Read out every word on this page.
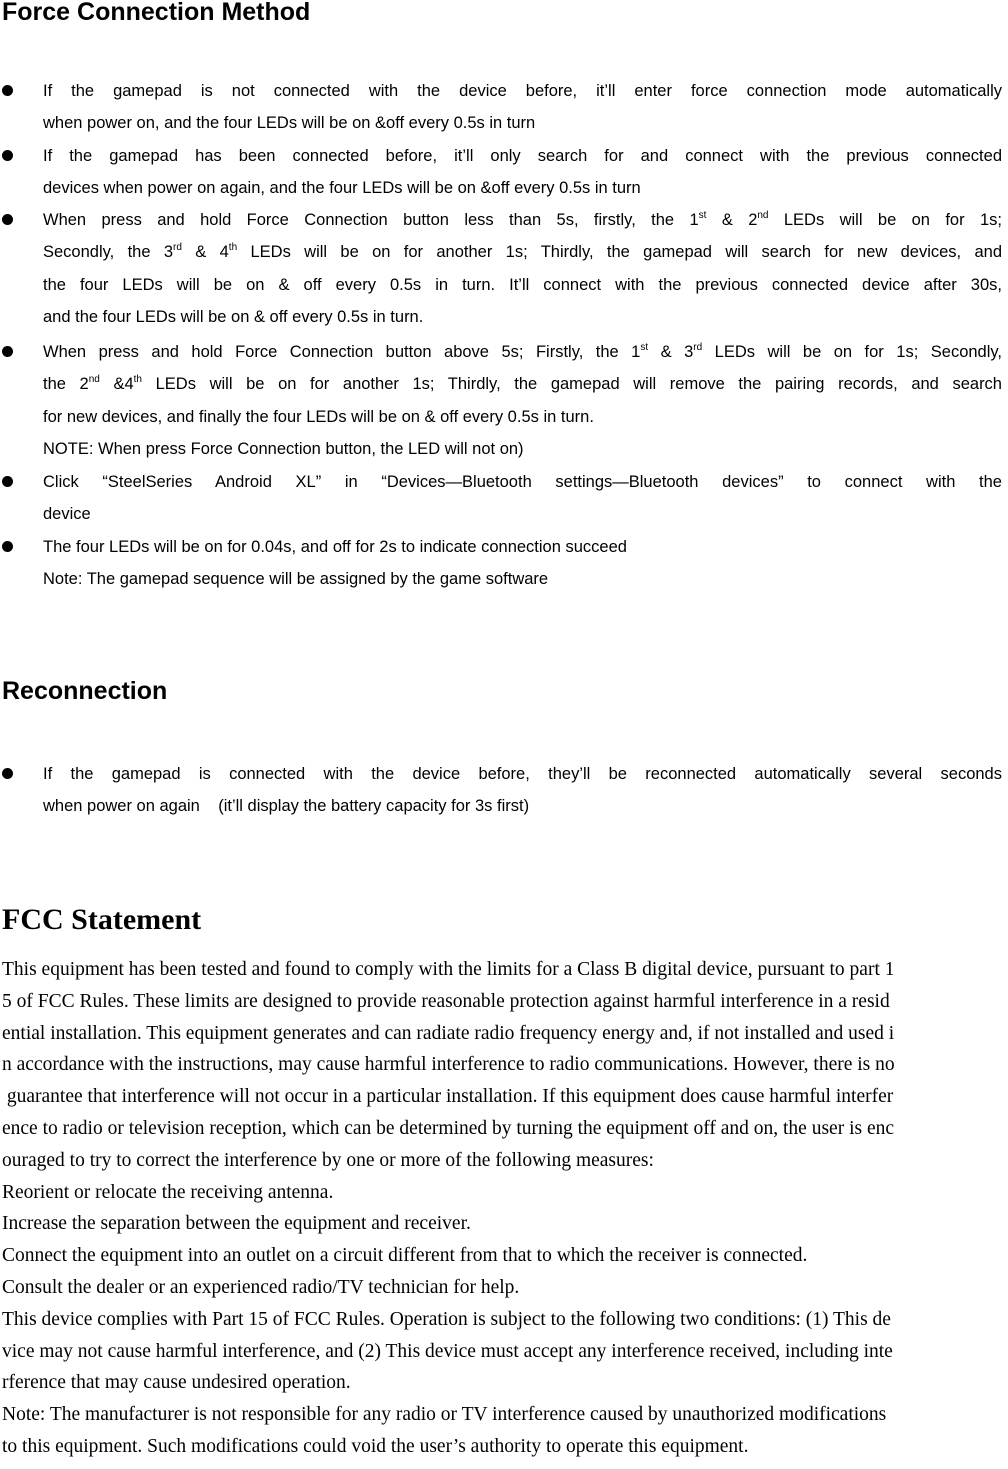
Force Connection Method
If the gamepad is not connected with the device before, it’ll enter force connection mode automatically
when power on, and the four LEDs will be on &off every 0.5s in turn
If the gamepad has been connected before, it’ll only search for and connect with the previous connected
devices when power on again, and the four LEDs will be on &off every 0.5s in turn
When press and hold Force Connection button less than 5s, firstly, the 1st & 2nd LEDs will be on for 1s;
Secondly, the 3rd & 4th LEDs will be on for another 1s; Thirdly, the gamepad will search for new devices, and
the four LEDs will be on & off every 0.5s in turn. It’ll connect with the previous connected device after 30s,
and the four LEDs will be on & off every 0.5s in turn.
When press and hold Force Connection button above 5s; Firstly, the 1st & 3rd LEDs will be on for 1s; Secondly,
the 2nd &4th LEDs will be on for another 1s; Thirdly, the gamepad will remove the pairing records, and search
for new devices, and finally the four LEDs will be on & off every 0.5s in turn.
NOTE: When press Force Connection button, the LED will not on)
Click “SteelSeries Android XL” in “Devices—Bluetooth settings—Bluetooth devices” to connect with the
device
The four LEDs will be on for 0.04s, and off for 2s to indicate connection succeed
Note: The gamepad sequence will be assigned by the game software
Reconnection
If the gamepad is connected with the device before, they’ll be reconnected automatically several seconds
when power on again    (it’ll display the battery capacity for 3s first)
FCC Statement
This equipment has been tested and found to comply with the limits for a Class B digital device, pursuant to part 1
5 of FCC Rules. These limits are designed to provide reasonable protection against harmful interference in a resid
ential installation. This equipment generates and can radiate radio frequency energy and, if not installed and used i
n accordance with the instructions, may cause harmful interference to radio communications. However, there is no
guarantee that interference will not occur in a particular installation. If this equipment does cause harmful interfer
ence to radio or television reception, which can be determined by turning the equipment off and on, the user is enc
ouraged to try to correct the interference by one or more of the following measures:
Reorient or relocate the receiving antenna.
Increase the separation between the equipment and receiver.
Connect the equipment into an outlet on a circuit different from that to which the receiver is connected.
Consult the dealer or an experienced radio/TV technician for help.
This device complies with Part 15 of FCC Rules. Operation is subject to the following two conditions: (1) This de
vice may not cause harmful interference, and (2) This device must accept any interference received, including inte
rference that may cause undesired operation.
Note: The manufacturer is not responsible for any radio or TV interference caused by unauthorized modifications
to this equipment. Such modifications could void the user’s authority to operate this equipment.
